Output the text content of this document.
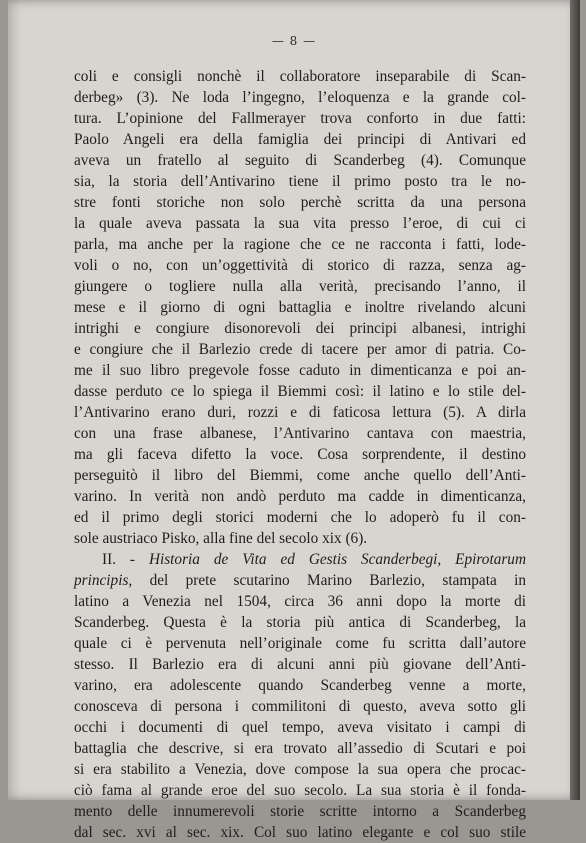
— 8 —
coli e consigli nonchè il collaboratore inseparabile di Scan-
derbeg» (3). Ne loda l’ingegno, l’eloquenza e la grande col-
tura. L’opinione del Fallmerayer trova conforto in due fatti:
Paolo Angeli era della famiglia dei principi di Antivari ed
aveva un fratello al seguito di Scanderbeg (4). Comunque
sia, la storia dell’Antivarino tiene il primo posto tra le no-
stre fonti storiche non solo perchè scritta da una persona
la quale aveva passata la sua vita presso l’eroe, di cui ci
parla, ma anche per la ragione che ce ne racconta i fatti, lode-
voli o no, con un’oggettività di storico di razza, senza ag-
giungere o togliere nulla alla verità, precisando l’anno, il
mese e il giorno di ogni battaglia e inoltre rivelando alcuni
intrighi e congiure disonorevoli dei principi albanesi, intrighi
e congiure che il Barlezio crede di tacere per amor di patria. Co-
me il suo libro pregevole fosse caduto in dimenticanza e poi an-
dasse perduto ce lo spiega il Biemmi così: il latino e lo stile del-
l’Antivarino erano duri, rozzi e di faticosa lettura (5). A dirla
con una frase albanese, l’Antivarino cantava con maestria,
ma gli faceva difetto la voce. Cosa sorprendente, il destino
perseguitò il libro del Biemmi, come anche quello dell’Anti-
varino. In verità non andò perduto ma cadde in dimenticanza,
ed il primo degli storici moderni che lo adoperò fu il con-
sole austriaco Pisko, alla fine del secolo xix (6).
II. - Historia de Vita ed Gestis Scanderbegi, Epirotarum
principis, del prete scutarino Marino Barlezio, stampata in
latino a Venezia nel 1504, circa 36 anni dopo la morte di
Scanderbeg. Questa è la storia più antica di Scanderbeg, la
quale ci è pervenuta nell’originale come fu scritta dall’autore
stesso. Il Barlezio era di alcuni anni più giovane dell’Anti-
varino, era adolescente quando Scanderbeg venne a morte,
conosceva di persona i commilitoni di questo, aveva sotto gli
occhi i documenti di quel tempo, aveva visitato i campi di
battaglia che descrive, si era trovato all’assedio di Scutari e poi
si era stabilito a Venezia, dove compose la sua opera che procac-
ciò fama al grande eroe del suo secolo. La sua storia è il fonda-
mento delle innumerevoli storie scritte intorno a Scanderbeg
dal sec. xvi al sec. xix. Col suo latino elegante e col suo stile
